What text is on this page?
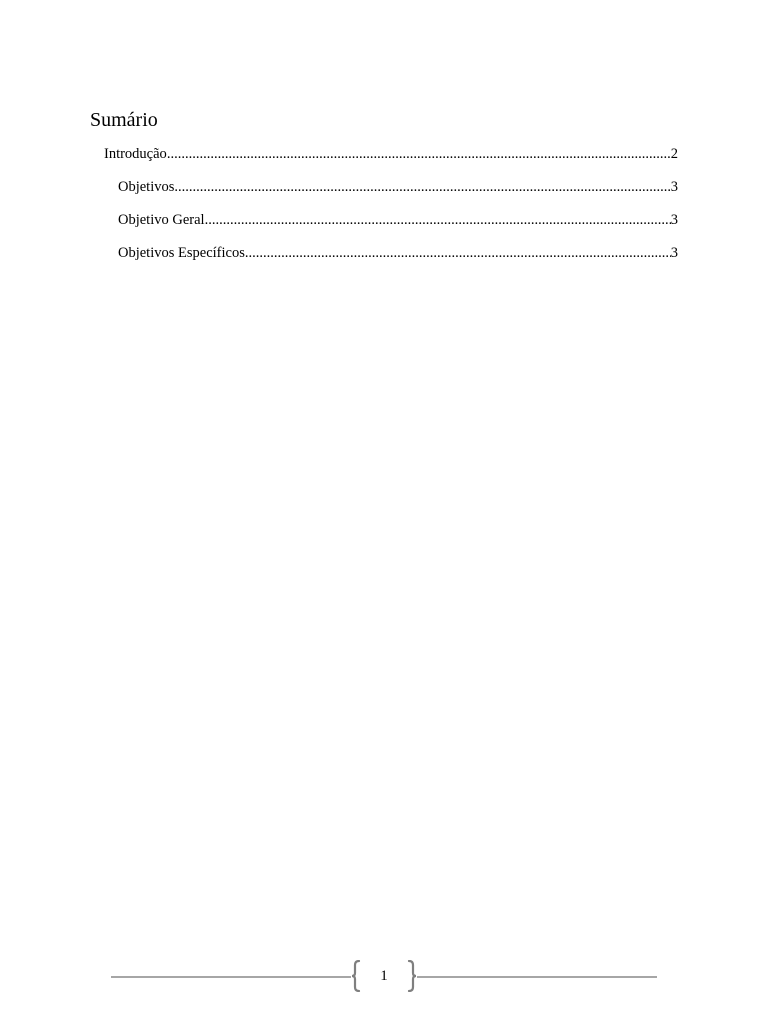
Sumário
Introdução .....	2
Objetivos .....	3
Objetivo Geral .....	3
Objetivos Específicos .....	3
1
